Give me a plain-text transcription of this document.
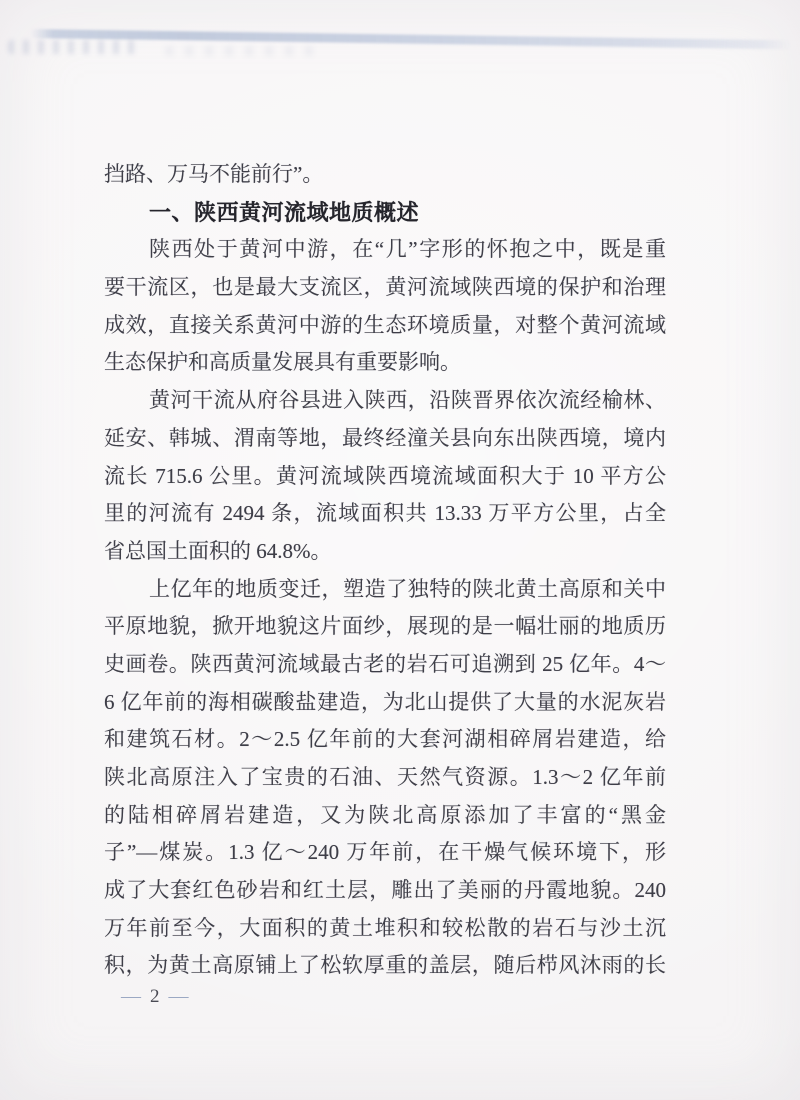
挡路、万马不能前行”。
一、陕西黄河流域地质概述
陕西处于黄河中游，在“几”字形的怀抱之中，既是重
要干流区，也是最大支流区，黄河流域陕西境的保护和治理
成效，直接关系黄河中游的生态环境质量，对整个黄河流域
生态保护和高质量发展具有重要影响。
黄河干流从府谷县进入陕西，沿陕晋界依次流经榆林、
延安、韩城、渭南等地，最终经潼关县向东出陕西境，境内
流长 715.6 公里。黄河流域陕西境流域面积大于 10 平方公
里的河流有 2494 条，流域面积共 13.33 万平方公里，占全
省总国土面积的 64.8%。
上亿年的地质变迁，塑造了独特的陕北黄土高原和关中
平原地貌，掀开地貌这片面纱，展现的是一幅壮丽的地质历
史画卷。陕西黄河流域最古老的岩石可追溯到 25 亿年。4～
6 亿年前的海相碳酸盐建造，为北山提供了大量的水泥灰岩
和建筑石材。2～2.5 亿年前的大套河湖相碎屑岩建造，给
陕北高原注入了宝贵的石油、天然气资源。1.3～2 亿年前
的陆相碎屑岩建造，又为陕北高原添加了丰富的“黑金
子”—煤炭。1.3 亿～240 万年前，在干燥气候环境下，形
成了大套红色砂岩和红土层，雕出了美丽的丹霞地貌。240
万年前至今，大面积的黄土堆积和较松散的岩石与沙土沉
积，为黄土高原铺上了松软厚重的盖层，随后栉风沐雨的长
— 2 —
